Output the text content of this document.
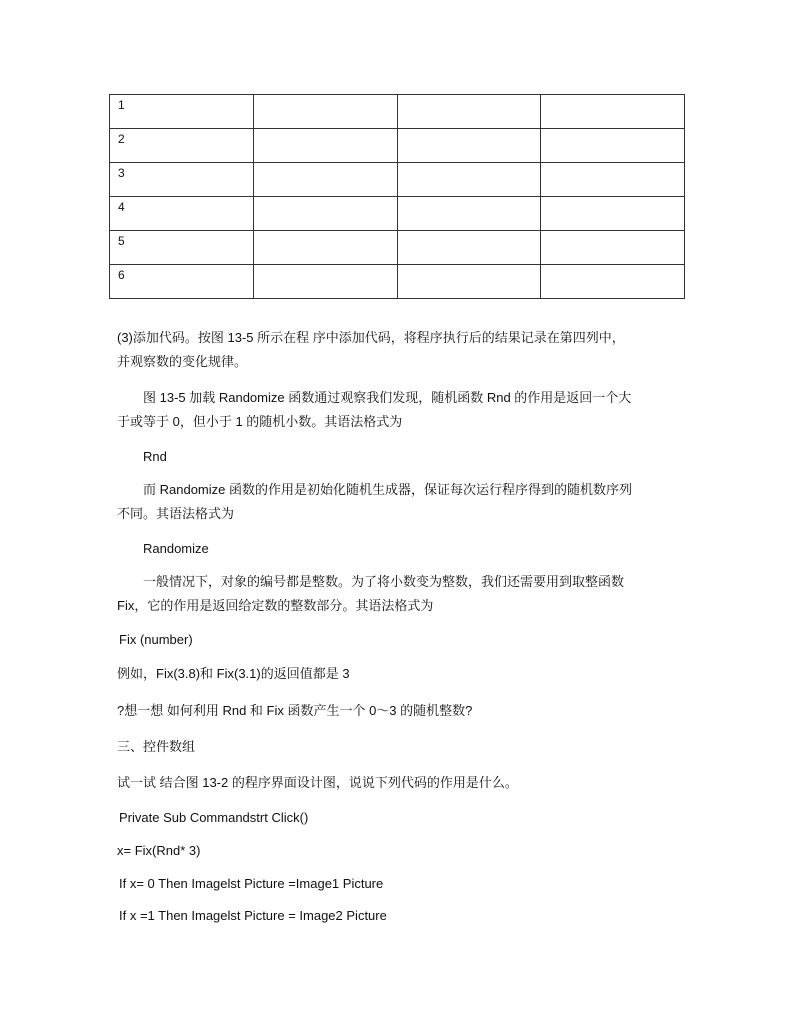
1			
2			
3			
4			
5			
6			
(3)添加代码。按图 13-5 所示在程 序中添加代码，将程序执行后的结果记录在第四列中，
并观察数的变化规律。
图 13-5 加载 Randomize 函数通过观察我们发现，随机函数 Rnd 的作用是返回一个大
于或等于 0，但小于 1 的随机小数。其语法格式为
Rnd
而 Randomize 函数的作用是初始化随机生成器，保证每次运行程序得到的随机数序列
不同。其语法格式为
Randomize
一般情况下，对象的编号都是整数。为了将小数变为整数，我们还需要用到取整函数
Fix，它的作用是返回给定数的整数部分。其语法格式为
Fix (number)
例如，Fix(3.8)和 Fix(3.1)的返回值都是 3
?想一想 如何利用 Rnd 和 Fix 函数产生一个 0～3 的随机整数?
三、控件数组
试一试 结合图 13-2 的程序界面设计图，说说下列代码的作用是什么。
Private Sub Commandstrt Click()
x= Fix(Rnd* 3)
If x= 0 Then Imagelst Picture =Image1 Picture
If x =1 Then Imagelst Picture = Image2 Picture
